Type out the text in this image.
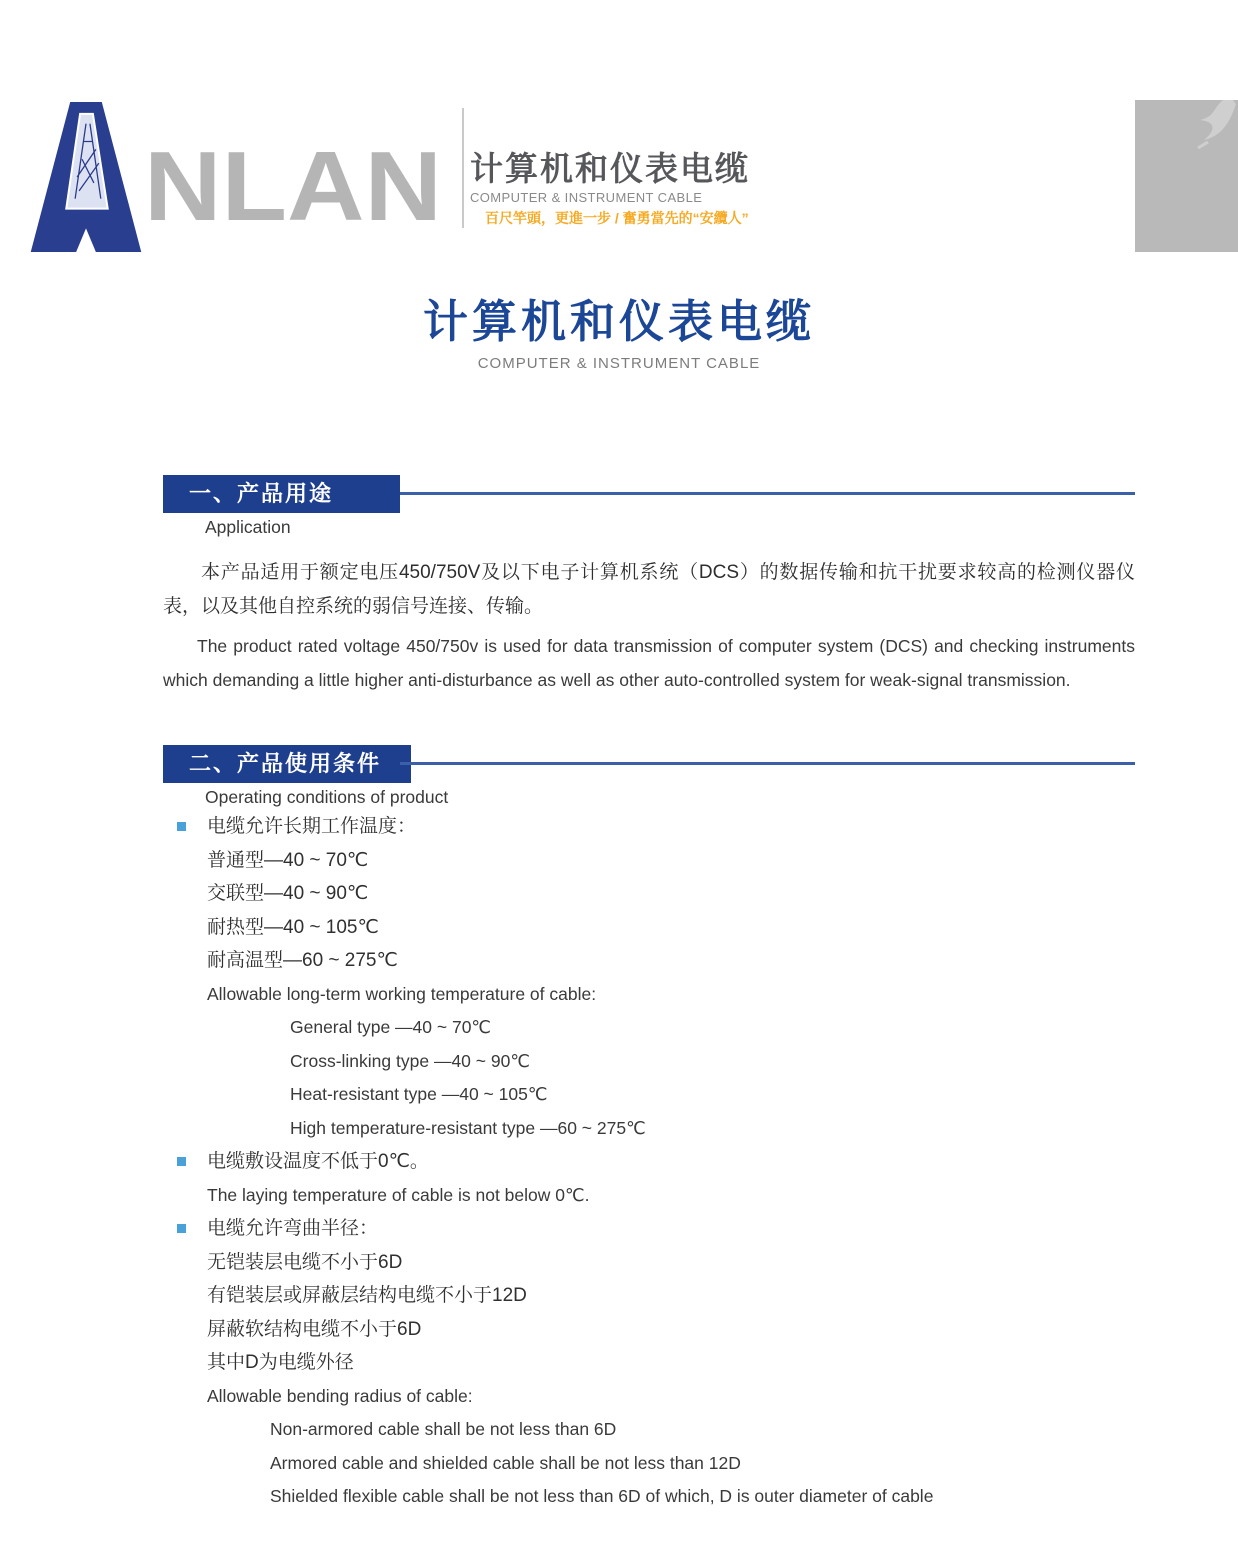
NLAN 计算机和仪表电缆
COMPUTER & INSTRUMENT CABLE
百尺竿頭，更進一步 / 奮勇當先的“安纜人”
计算机和仪表电缆
COMPUTER & INSTRUMENT CABLE
一、产品用途
Application

本产品适用于额定电压450/750V及以下电子计算机系统（DCS）的数据传输和抗干扰要求较高的检测仪器仪表，以及其他自控系统的弱信号连接、传输。

The product rated voltage 450/750v is used for data transmission of computer system (DCS) and checking instruments which demanding a little higher anti-disturbance as well as other auto-controlled system for weak-signal transmission.

二、产品使用条件
Operating conditions of product
电缆允许长期工作温度：
普通型—40 ~ 70℃
交联型—40 ~ 90℃
耐热型—40 ~ 105℃
耐高温型—60 ~ 275℃
Allowable long-term working temperature of cable:
General type —40 ~ 70℃
Cross-linking type —40 ~ 90℃
Heat-resistant type —40 ~ 105℃
High temperature-resistant type —60 ~ 275℃
电缆敷设温度不低于0℃。
The laying temperature of cable is not below 0℃.
电缆允许弯曲半径：
无铠装层电缆不小于6D
有铠装层或屏蔽层结构电缆不小于12D
屏蔽软结构电缆不小于6D
其中D为电缆外径
Allowable bending radius of cable:
Non-armored cable shall be not less than 6D
Armored cable and shielded cable shall be not less than 12D
Shielded flexible cable shall be not less than 6D of which, D is outer diameter of cable
